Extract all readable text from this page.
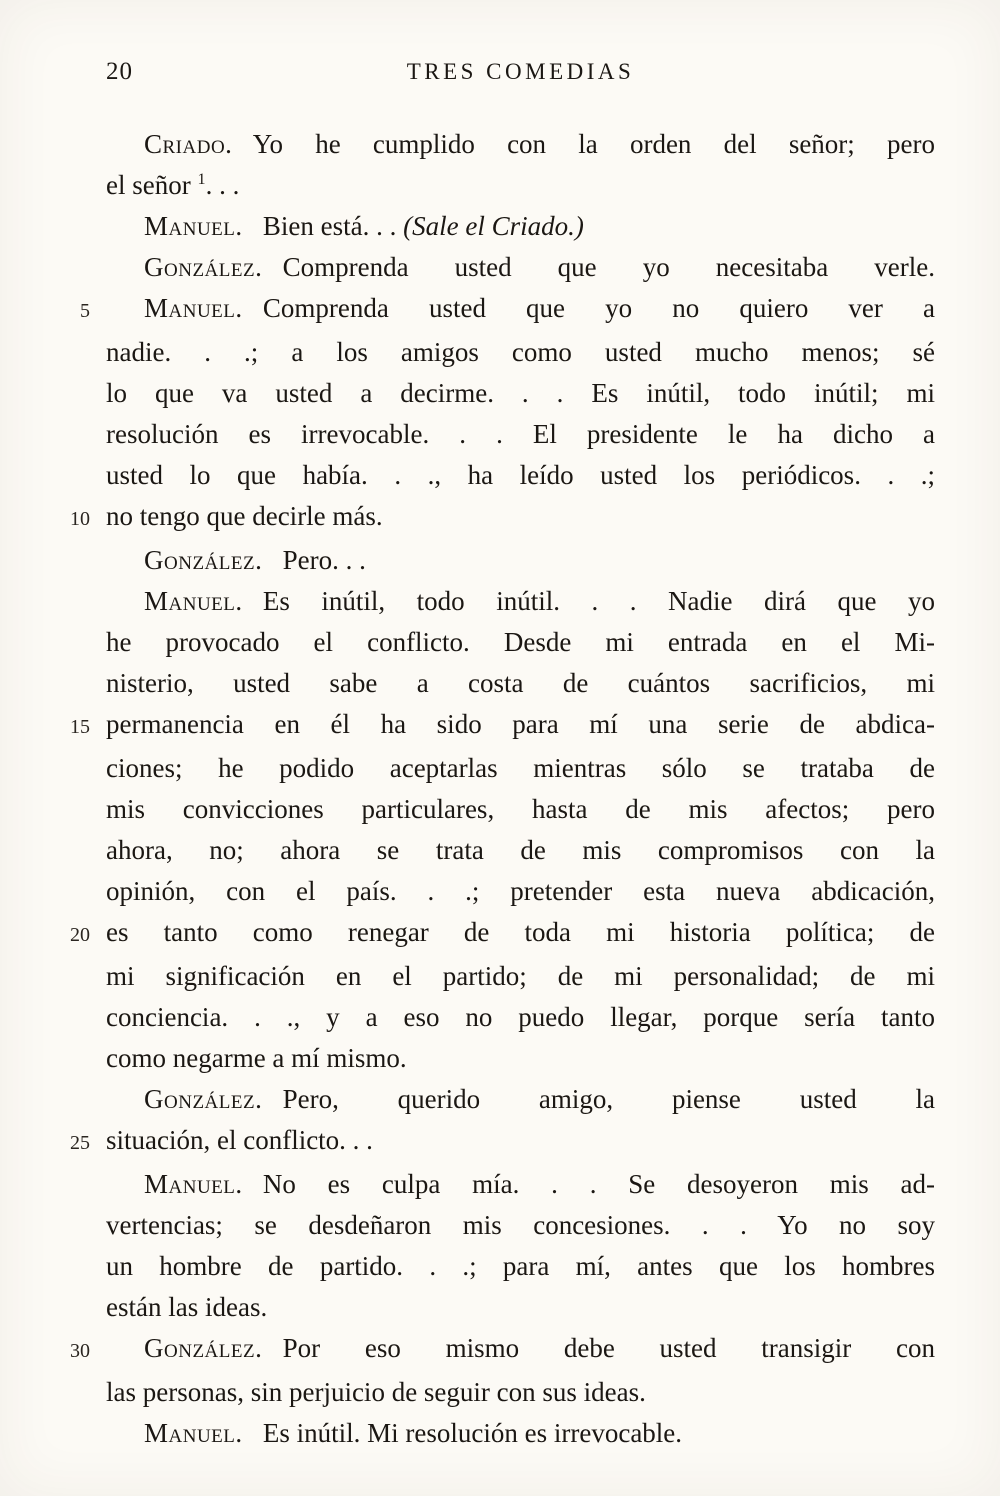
20	TRES COMEDIAS
Criado. Yo he cumplido con la orden del señor; pero
el señor $^1$. . .
Manuel. Bien está. . . (Sale el Criado.)
González. Comprenda usted que yo necesitaba verle.
5	Manuel. Comprenda usted que yo no quiero ver a
nadie. . .; a los amigos como usted mucho menos; sé
lo que va usted a decirme. . . Es inútil, todo inútil; mi
resolución es irrevocable. . . El presidente le ha dicho a
usted lo que había. . ., ha leído usted los periódicos. . .;
10 no tengo que decirle más.
González. Pero. . .
Manuel. Es inútil, todo inútil. . . Nadie dirá que yo
he provocado el conflicto. Desde mi entrada en el Mi-
nisterio, usted sabe a costa de cuántos sacrificios, mi
15 permanencia en él ha sido para mí una serie de abdica-
ciones; he podido aceptarlas mientras sólo se trataba de
mis convicciones particulares, hasta de mis afectos; pero
ahora, no; ahora se trata de mis compromisos con la
opinión, con el país. . .; pretender esta nueva abdicación,
20 es tanto como renegar de toda mi historia política; de
mi significación en el partido; de mi personalidad; de mi
conciencia. . ., y a eso no puedo llegar, porque sería tanto
como negarme a mí mismo.
González. Pero, querido amigo, piense usted la
25 situación, el conflicto. . .
Manuel. No es culpa mía. . . Se desoyeron mis ad-
vertencias; se desdeñaron mis concesiones. . . Yo no soy
un hombre de partido. . .; para mí, antes que los hombres
están las ideas.
30	González. Por eso mismo debe usted transigir con
las personas, sin perjuicio de seguir con sus ideas.
Manuel. Es inútil. Mi resolución es irrevocable.
